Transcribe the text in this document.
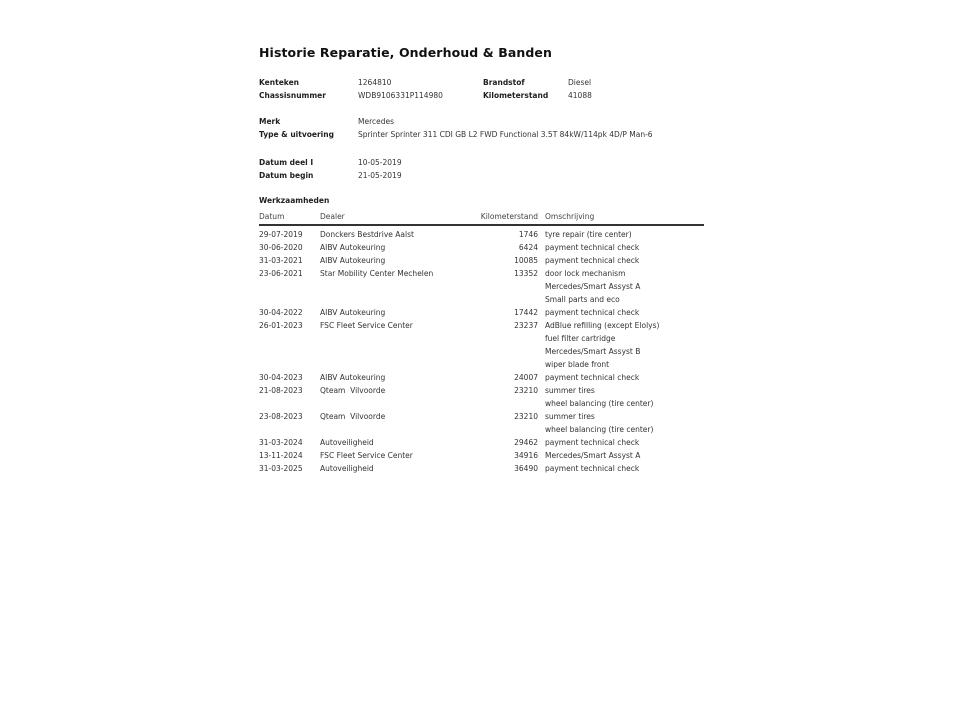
Historie Reparatie, Onderhoud & Banden
Kenteken	1264810	Brandstof	Diesel
Chassisnummer	WDB9106331P114980	Kilometerstand	41088
Merk	Mercedes
Type & uitvoering	Sprinter Sprinter 311 CDI GB L2 FWD Functional 3.5T 84kW/114pk 4D/P Man-6
Datum deel I	10-05-2019
Datum begin	21-05-2019
Werkzaamheden
Datum	Dealer	Kilometerstand Omschrijving
29-07-2019	Donckers Bestdrive Aalst	1746 tyre repair (tire center)
30-06-2020	AIBV Autokeuring	6424 payment technical check
31-03-2021	AIBV Autokeuring	10085 payment technical check
23-06-2021	Star Mobility Center Mechelen	13352 door lock mechanism
Mercedes/Smart Assyst A
Small parts and eco
30-04-2022	AIBV Autokeuring	17442 payment technical check
26-01-2023	FSC Fleet Service Center	23237 AdBlue refilling (except Elolys)
fuel filter cartridge
Mercedes/Smart Assyst B
wiper blade front
30-04-2023	AIBV Autokeuring	24007 payment technical check
21-08-2023	Qteam  Vilvoorde	23210 summer tires
wheel balancing (tire center)
23-08-2023	Qteam  Vilvoorde	23210 summer tires
wheel balancing (tire center)
31-03-2024	Autoveiligheid	29462 payment technical check
13-11-2024	FSC Fleet Service Center	34916 Mercedes/Smart Assyst A
31-03-2025	Autoveiligheid	36490 payment technical check
